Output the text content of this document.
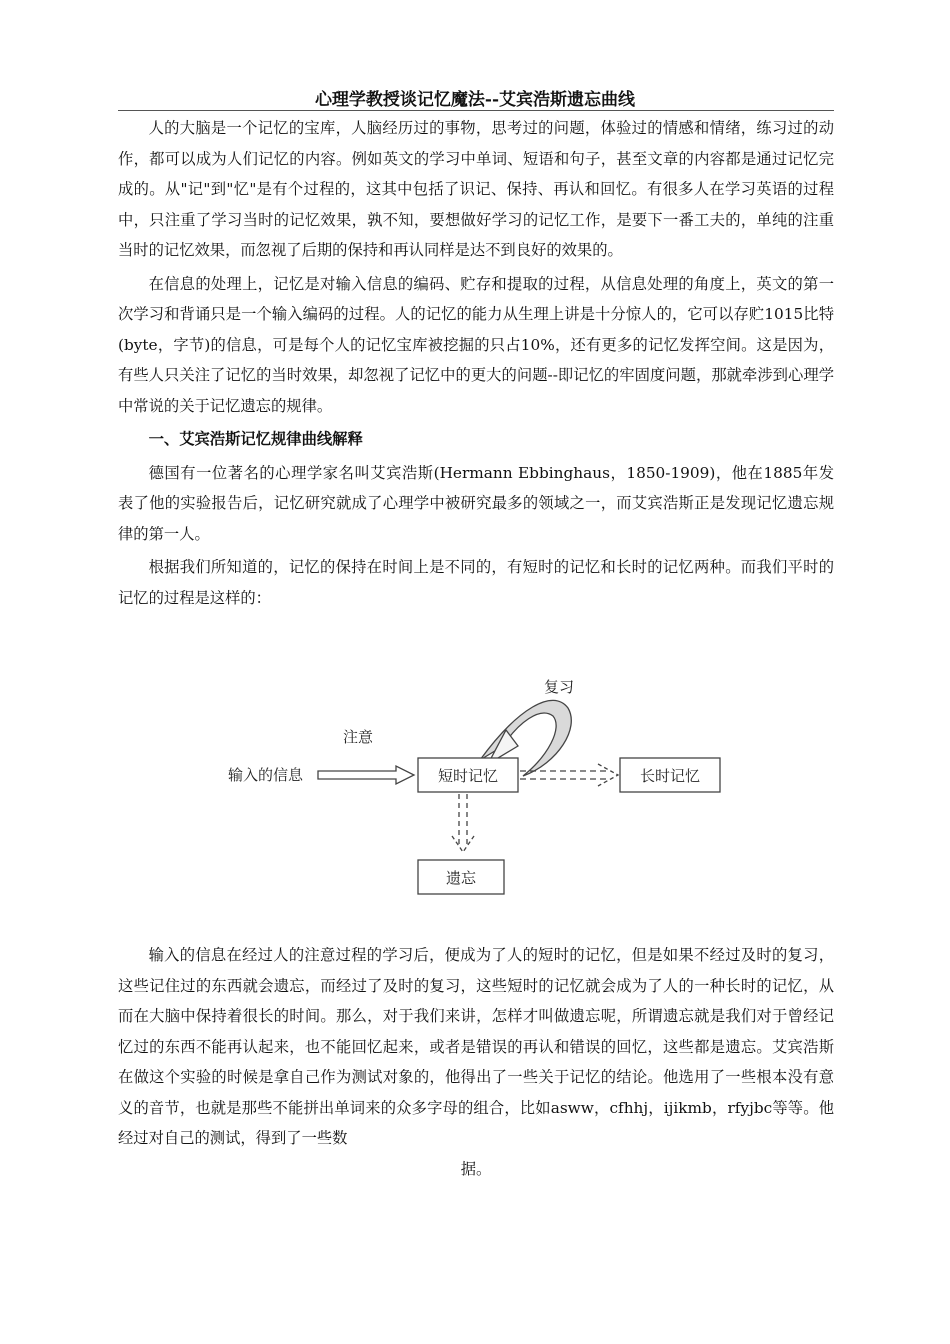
心理学教授谈记忆魔法--艾宾浩斯遗忘曲线

人的大脑是一个记忆的宝库，人脑经历过的事物，思考过的问题，体验过的情感和情绪，练习过的动作，都可以成为人们记忆的内容。例如英文的学习中单词、短语和句子，甚至文章的内容都是通过记忆完成的。从"记"到"忆"是有个过程的，这其中包括了识记、保持、再认和回忆。有很多人在学习英语的过程中，只注重了学习当时的记忆效果，孰不知，要想做好学习的记忆工作，是要下一番工夫的，单纯的注重当时的记忆效果，而忽视了后期的保持和再认同样是达不到良好的效果的。

在信息的处理上，记忆是对输入信息的编码、贮存和提取的过程，从信息处理的角度上，英文的第一次学习和背诵只是一个输入编码的过程。人的记忆的能力从生理上讲是十分惊人的，它可以存贮1015比特(byte，字节)的信息，可是每个人的记忆宝库被挖掘的只占10%，还有更多的记忆发挥空间。这是因为，有些人只关注了记忆的当时效果，却忽视了记忆中的更大的问题--即记忆的牢固度问题，那就牵涉到心理学中常说的关于记忆遗忘的规律。

一、艾宾浩斯记忆规律曲线解释

德国有一位著名的心理学家名叫艾宾浩斯(Hermann Ebbinghaus，1850-1909)，他在1885年发表了他的实验报告后，记忆研究就成了心理学中被研究最多的领域之一，而艾宾浩斯正是发现记忆遗忘规律的第一人。

根据我们所知道的，记忆的保持在时间上是不同的，有短时的记忆和长时的记忆两种。而我们平时的记忆的过程是这样的：

复习
注意
输入的信息	短时记忆	长时记忆
遗忘

输入的信息在经过人的注意过程的学习后，便成为了人的短时的记忆，但是如果不经过及时的复习，这些记住过的东西就会遗忘，而经过了及时的复习，这些短时的记忆就会成为了人的一种长时的记忆，从而在大脑中保持着很长的时间。那么，对于我们来讲，怎样才叫做遗忘呢，所谓遗忘就是我们对于曾经记忆过的东西不能再认起来，也不能回忆起来，或者是错误的再认和错误的回忆，这些都是遗忘。艾宾浩斯在做这个实验的时候是拿自己作为测试对象的，他得出了一些关于记忆的结论。他选用了一些根本没有意义的音节，也就是那些不能拼出单词来的众多字母的组合，比如asww，cfhhj，ijikmb，rfyjbc等等。他经过对自己的测试，得到了一些数

据。
